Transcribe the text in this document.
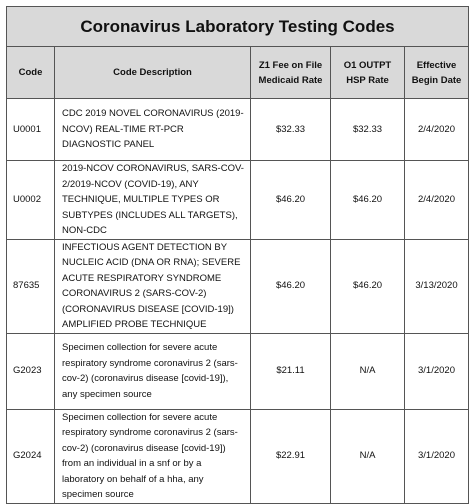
Coronavirus Laboratory Testing Codes				
Code	Code Description	Z1 Fee on File Medicaid Rate	O1 OUTPT HSP Rate	Effective Begin Date
U0001	CDC 2019 NOVEL CORONAVIRUS (2019-NCOV) REAL-TIME RT-PCR DIAGNOSTIC PANEL	$32.33	$32.33	2/4/2020
U0002	2019-NCOV CORONAVIRUS, SARS-COV-2/2019-NCOV (COVID-19), ANY TECHNIQUE, MULTIPLE TYPES OR SUBTYPES (INCLUDES ALL TARGETS), NON-CDC	$46.20	$46.20	2/4/2020
87635	INFECTIOUS AGENT DETECTION BY NUCLEIC ACID (DNA OR RNA); SEVERE ACUTE RESPIRATORY SYNDROME CORONAVIRUS 2 (SARS-COV-2) (CORONAVIRUS DISEASE [COVID-19]) AMPLIFIED PROBE TECHNIQUE	$46.20	$46.20	3/13/2020
G2023	Specimen collection for severe acute respiratory syndrome coronavirus 2 (sars-cov-2) (coronavirus disease [covid-19]), any specimen source	$21.11	N/A	3/1/2020
G2024	Specimen collection for severe acute respiratory syndrome coronavirus 2 (sars-cov-2) (coronavirus disease [covid-19]) from an individual in a snf or by a laboratory on behalf of a hha, any specimen source	$22.91	N/A	3/1/2020
